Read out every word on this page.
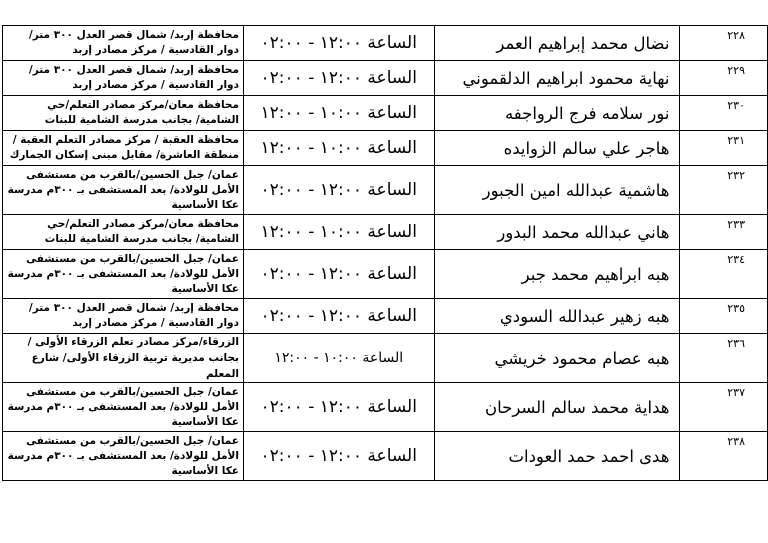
محافظة إربد/ شمال قصر العدل ٣٠٠ متر/ دوار القادسية / مركز مصادر إربد	الساعة ١٢:٠٠ - ٠٢:٠٠	نضال محمد إبراهيم العمر	٢٢٨
محافظة إربد/ شمال قصر العدل ٣٠٠ متر/ دوار القادسية / مركز مصادر إربد	الساعة ١٢:٠٠ - ٠٢:٠٠	نهاية محمود ابراهيم الدلقموني	٢٢٩
محافظة معان/مركز مصادر التعلم/حي الشامية/ بجانب مدرسة الشامية للبنات	الساعة ١٠:٠٠ - ١٢:٠٠	نور سلامه فرج الرواجفه	٢٣٠
محافظة العقبة / مركز مصادر التعلم العقبة / منطقة العاشرة/ مقابل مبنى إسكان الجمارك	الساعة ١٠:٠٠ - ١٢:٠٠	هاجر علي سالم الزوايده	٢٣١
عمان/ جبل الحسين/بالقرب من مستشفى الأمل للولادة/ بعد المستشفى بـ ٣٠٠م مدرسة عكا الأساسية	الساعة ١٢:٠٠ - ٠٢:٠٠	هاشمية عبدالله امين الجبور	٢٣٢
محافظة معان/مركز مصادر التعلم/حي الشامية/ بجانب مدرسة الشامية للبنات	الساعة ١٠:٠٠ - ١٢:٠٠	هاني عبدالله محمد البدور	٢٣٣
عمان/ جبل الحسين/بالقرب من مستشفى الأمل للولادة/ بعد المستشفى بـ ٣٠٠م مدرسة عكا الأساسية	الساعة ١٢:٠٠ - ٠٢:٠٠	هبه ابراهيم محمد جبر	٢٣٤
محافظة إربد/ شمال قصر العدل ٣٠٠ متر/ دوار القادسية / مركز مصادر إربد	الساعة ١٢:٠٠ - ٠٢:٠٠	هبه زهير عبدالله السودي	٢٣٥
الزرقاء/مركز مصادر تعلم الزرقاء الأولى /بجانب مديرية تربية الزرقاء الأولى/ شارع المعلم	الساعة ١٠:٠٠ - ١٢:٠٠	هبه عصام محمود خريشي	٢٣٦
عمان/ جبل الحسين/بالقرب من مستشفى الأمل للولادة/ بعد المستشفى بـ ٣٠٠م مدرسة عكا الأساسية	الساعة ١٢:٠٠ - ٠٢:٠٠	هداية محمد سالم السرحان	٢٣٧
عمان/ جبل الحسين/بالقرب من مستشفى الأمل للولادة/ بعد المستشفى بـ ٣٠٠م مدرسة عكا الأساسية	الساعة ١٢:٠٠ - ٠٢:٠٠	هدى احمد حمد العودات	٢٣٨
